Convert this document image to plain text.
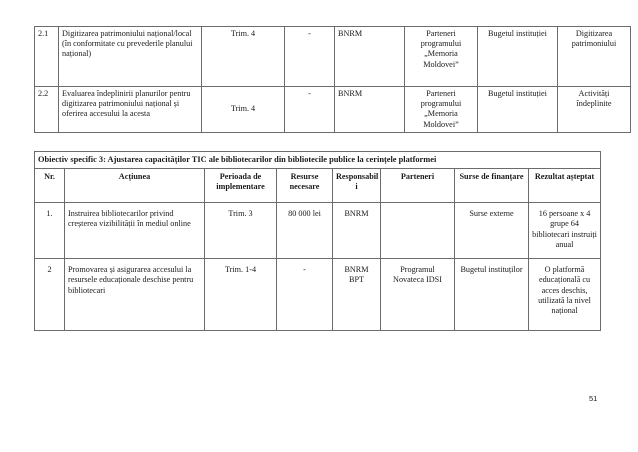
2.1	Digitizarea patrimoniului național/local (în conformitate cu prevederile planului național)	Trim. 4	-	BNRM	Parteneri programului „Memoria Moldovei”	Bugetul instituției	Digitizarea patrimoniului
2.2	Evaluarea îndeplinirii planurilor pentru digitizarea patrimoniului național și oferirea accesului la acesta	Trim. 4	-	BNRM	Parteneri programului „Memoria Moldovei”	Bugetul instituției	Activități îndeplinite
Obiectiv specific 3: Ajustarea capacităților TIC ale bibliotecarilor din bibliotecile publice la cerințele platformei							
Nr.	Acțiunea	Perioada de implementare	Resurse necesare	Responsabil i	Parteneri	Surse de finanțare	Rezultat așteptat
1.	Instruirea bibliotecarilor privind creșterea vizibilității în mediul online	Trim. 3	80 000 lei	BNRM		Surse externe	16 persoane x 4 grupe 64 bibliotecari instruiți anual
2	Promovarea și asigurarea accesului la resursele educaționale deschise pentru bibliotecari	Trim. 1-4	-	BNRM BPT	Programul Novateca IDSI	Bugetul instituților	O platformă educațională cu acces deschis, utilizată la nivel național
51
